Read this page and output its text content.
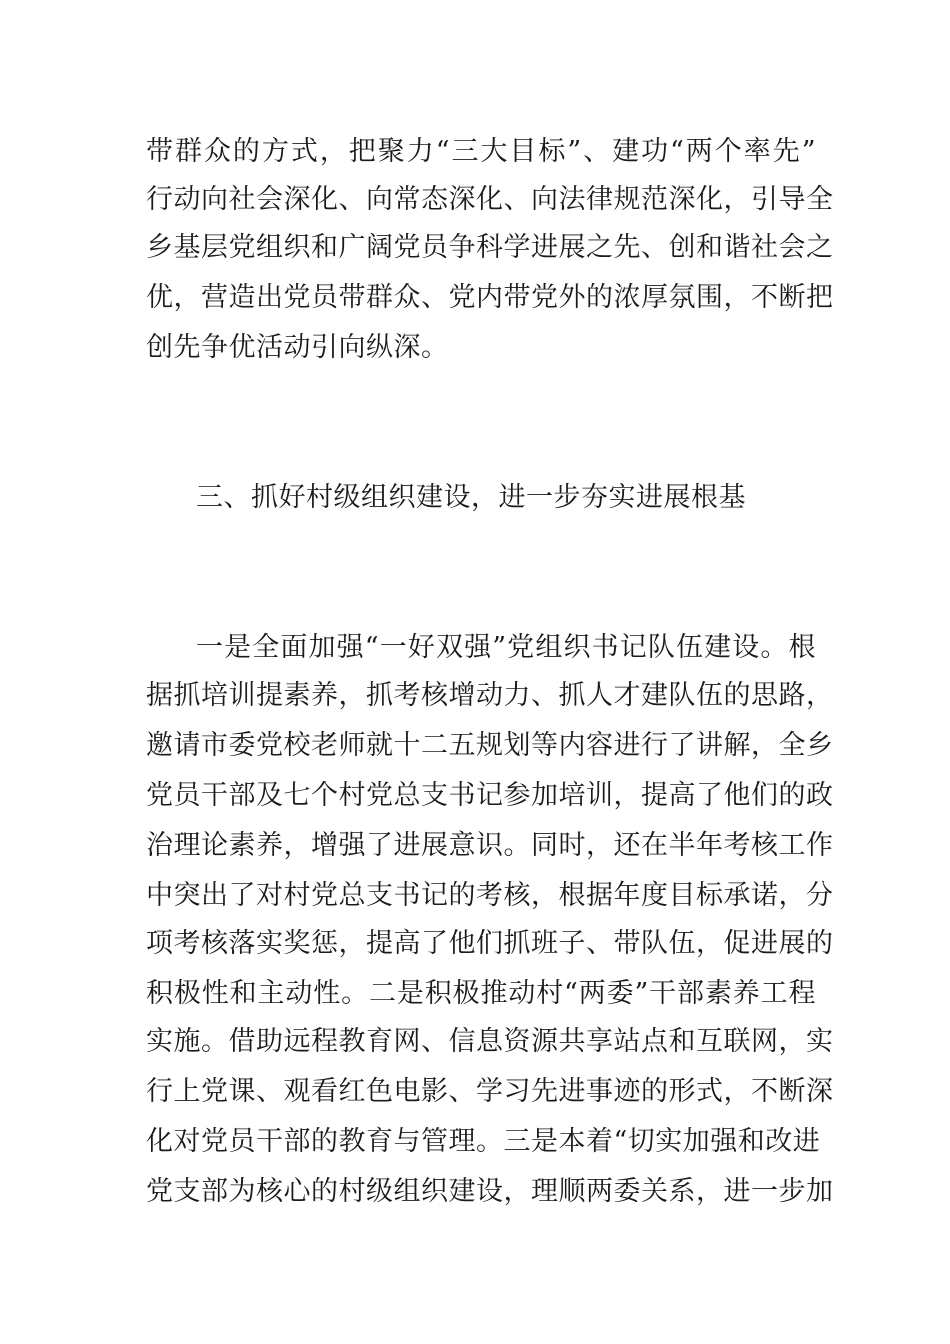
带群众的方式，把聚力“三大目标”、建功“两个率先”

行动向社会深化、向常态深化、向法律规范深化，引导全

乡基层党组织和广阔党员争科学进展之先、创和谐社会之

优，营造出党员带群众、党内带党外的浓厚氛围，不断把

创先争优活动引向纵深。

三、抓好村级组织建设，进一步夯实进展根基

一是全面加强“一好双强”党组织书记队伍建设。根

据抓培训提素养，抓考核增动力、抓人才建队伍的思路，

邀请市委党校老师就十二五规划等内容进行了讲解，全乡

党员干部及七个村党总支书记参加培训，提高了他们的政

治理论素养，增强了进展意识。同时，还在半年考核工作

中突出了对村党总支书记的考核，根据年度目标承诺，分

项考核落实奖惩，提高了他们抓班子、带队伍，促进展的

积极性和主动性。二是积极推动村“两委”干部素养工程

实施。借助远程教育网、信息资源共享站点和互联网，实

行上党课、观看红色电影、学习先进事迹的形式，不断深

化对党员干部的教育与管理。三是本着“切实加强和改进

党支部为核心的村级组织建设，理顺两委关系，进一步加
